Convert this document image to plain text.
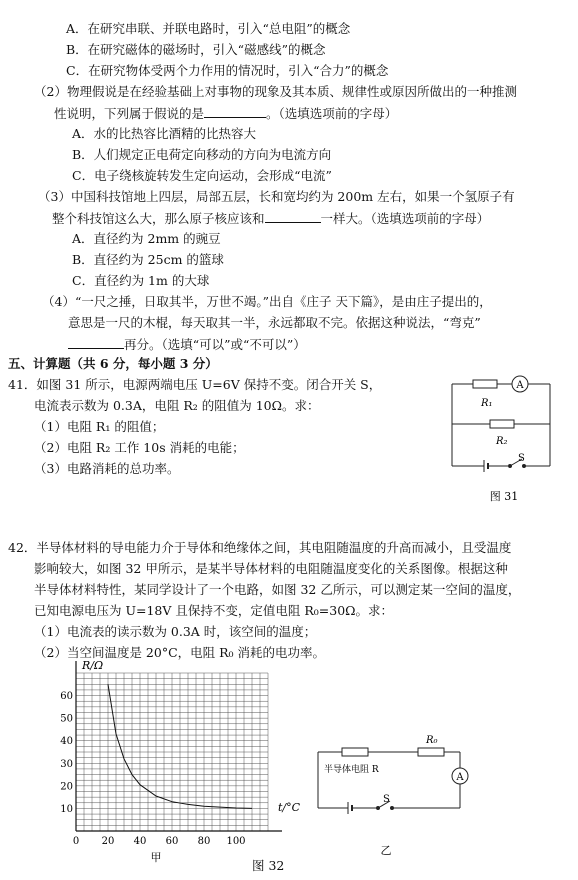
A．在研究串联、并联电路时，引入“总电阻”的概念
B．在研究磁体的磁场时，引入“磁感线”的概念
C．在研究物体受两个力作用的情况时，引入“合力”的概念
（2）物理假说是在经验基础上对事物的现象及其本质、规律性或原因所做出的一种推测
性说明，下列属于假说的是	。（选填选项前的字母）
A．水的比热容比酒精的比热容大
B．人们规定正电荷定向移动的方向为电流方向
C．电子绕核旋转发生定向运动，会形成“电流”
（3）中国科技馆地上四层，局部五层，长和宽均约为 200m 左右，如果一个氢原子有
整个科技馆这么大，那么原子核应该和	一样大。（选填选项前的字母）
A．直径约为 2mm 的豌豆
B．直径约为 25cm 的篮球
C．直径约为 1m 的大球
（4）“一尺之捶，日取其半，万世不竭。”出自《庄子 天下篇》，是由庄子提出的，
意思是一尺的木棍，每天取其一半，永远都取不完。依据这种说法，“弯克”
再分。（选填“可以”或“不可以”）
五、计算题（共 6 分，每小题 3 分）
41．如图 31 所示，电源两端电压 U=6V 保持不变。闭合开关 S，
电流表示数为 0.3A，电阻 R₂ 的阻值为 10Ω。求：
（1）电阻 R₁ 的阻值；
（2）电阻 R₂ 工作 10s 消耗的电能；
（3）电路消耗的总功率。
A
R₁
R₂
S
图 31
42．半导体材料的导电能力介于导体和绝缘体之间，其电阻随温度的升高而减小，且受温度
影响较大，如图 32 甲所示，是某半导体材料的电阻随温度变化的关系图像。根据这种
半导体材料特性，某同学设计了一个电路，如图 32 乙所示，可以测定某一空间的温度，
已知电源电压为 U=18V 且保持不变，定值电阻 R₀=30Ω。求：
（1）电流表的读示数为 0.3A 时，该空间的温度；
（2）当空间温度是 20°C，电阻 R₀ 消耗的电功率。
0 20 40 60 80 100
10
20
30
40
50
60
R/Ω
t/°C
甲
R₀
半导体电阻 R
A
S
乙
图 32
